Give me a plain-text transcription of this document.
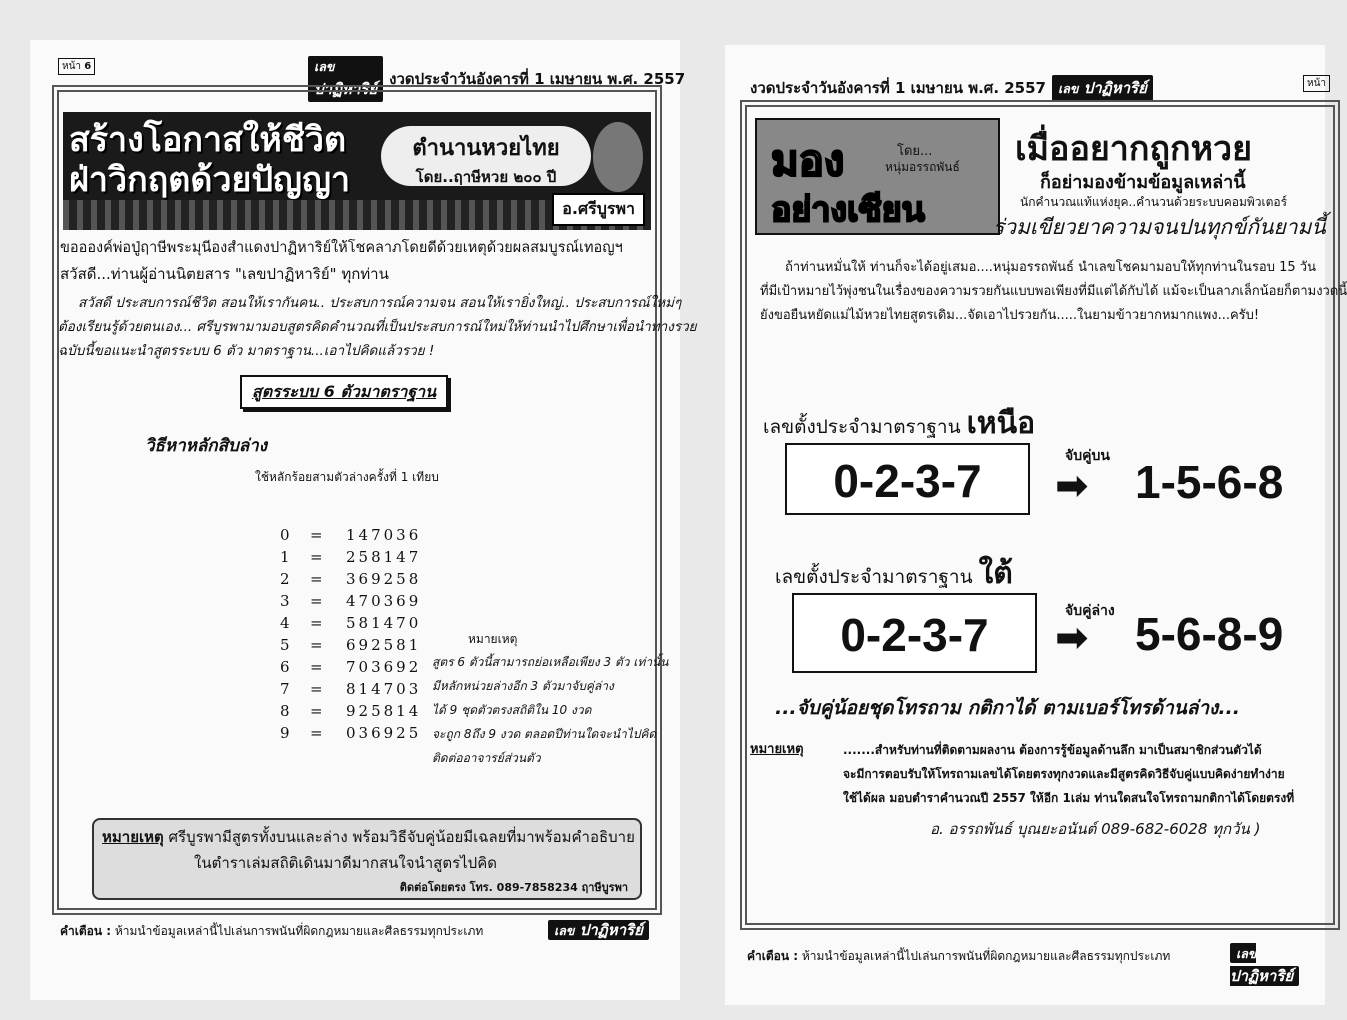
หน้า 6	เลข ปาฏิหาริย์
งวดประจำวันอังคารที่ 1 เมษายน พ.ศ. 2557
สร้างโอกาสให้ชีวิต
ฝ่าวิกฤตด้วยปัญญา
ตำนานหวยไทย
โดย..ฤาษีหวย ๒๐๐ ปี
อ.ศรีบูรพา
ขออองค์พ่อปู่ฤาษีพระมุนีองสำแดงปาฏิหาริย์ให้โชคลาภโดยดีด้วยเหตุด้วยผลสมบูรณ์เทอญฯ
สวัสดี...ท่านผู้อ่านนิตยสาร "เลขปาฏิหาริย์" ทุกท่าน
สวัสดี ประสบการณ์ชีวิต สอนให้เรากันคน.. ประสบการณ์ความจน สอนให้เรายิ่งใหญ่.. ประสบการณ์ใหม่ๆ
ต้องเรียนรู้ด้วยตนเอง... ศรีบูรพามามอบสูตรคิดคำนวณที่เป็นประสบการณ์ใหม่ให้ท่านนำไปศึกษาเพื่อนำทางรวย
ฉบับนี้ขอแนะนำสูตรระบบ 6 ตัว มาตราฐาน...เอาไปคิดแล้วรวย !
สูตรระบบ 6 ตัวมาตราฐาน
วิธีหาหลักสิบล่าง
ใช้หลักร้อยสามตัวล่างครั้งที่ 1 เทียบ
0	=	147036
1	=	258147
2	=	369258
3	=	470369
4	=	581470
5	=	692581
6	=	703692
7	=	814703
8	=	925814
9	=	036925
หมายเหตุ
สูตร 6 ตัวนี้สามารถย่อเหลือเพียง 3 ตัว เท่านั้น
มีหลักหน่วยล่างอีก 3 ตัวมาจับคู่ล่าง
ได้ 9 ชุดตัวตรงสถิติใน 10 งวด
จะถูก 8ถึง 9 งวด ตลอดปีท่านใดจะนำไปคิด
ติดต่ออาจารย์ส่วนตัว
หมายเหตุ ศรีบูรพามีสูตรทั้งบนและล่าง พร้อมวิธีจับคู่น้อยมีเฉลยที่มาพร้อมคำอธิบาย
ในตำราเล่มสถิติเดินมาดีมากสนใจนำสูตรไปคิด
ติดต่อโดยตรง โทร. 089-7858234 ฤาษีบูรพา
คำเตือน : ห้ามนำข้อมูลเหล่านี้ไปเล่นการพนันที่ผิดกฎหมายและศีลธรรมทุกประเภท	เลข ปาฏิหาริย์
งวดประจำวันอังคารที่ 1 เมษายน พ.ศ. 2557 เลข ปาฏิหาริย์	หน้า
มอง	โดย...
หนุ่มอรรถพันธ์
อย่างเซียน
เมื่ออยากถูกหวย
ก็อย่ามองข้ามข้อมูลเหล่านี้
นักคำนวณแท้แห่งยุค..คำนวนด้วยระบบคอมพิวเตอร์
ร่วมเขียวยาความจนปนทุกข์กันยามนี้
ถ้าท่านหมั่นให้ ท่านก็จะได้อยู่เสมอ....หนุ่มอรรถพันธ์ นำเลขโชคมามอบให้ทุกท่านในรอบ 15 วัน
ที่มีเป้าหมายไว้พุ่งชนในเรื่องของความรวยกันแบบพอเพียงที่มีแต่ได้กับได้ แม้จะเป็นลาภเล็กน้อยก็ตามงวดนี้
ยังขอยืนหยัดแม่ไม้หวยไทยสูตรเดิม...จัดเอาไปรวยกัน.....ในยามข้าวยากหมากแพง...ครับ!
เลขตั้งประจำมาตราฐาน เหนือ
0-2-3-7	จับคู่บน
➡ 1-5-6-8
เลขตั้งประจำมาตราฐาน ใต้
0-2-3-7	จับคู่ล่าง
➡ 5-6-8-9
...จับคู่น้อยชุดโทรถาม กติกาได้ ตามเบอร์โทรด้านล่าง...
หมายเหตุ	.......สำหรับท่านที่ติดตามผลงาน ต้องการรู้ข้อมูลด้านลึก มาเป็นสมาชิกส่วนตัวได้
จะมีการตอบรับให้โทรถามเลขได้โดยตรงทุกงวดและมีสูตรคิดวิธีจับคู่แบบคิดง่ายทำง่าย
ใช้ได้ผล มอบตำราคำนวณปี 2557 ให้อีก 1เล่ม ท่านใดสนใจโทรถามกติกาได้โดยตรงที่
อ. อรรถพันธ์ บุณยะอนันต์ 089-682-6028 ทุกวัน )
คำเตือน : ห้ามนำข้อมูลเหล่านี้ไปเล่นการพนันที่ผิดกฎหมายและศีลธรรมทุกประเภท	เลข ปาฏิหาริย์
